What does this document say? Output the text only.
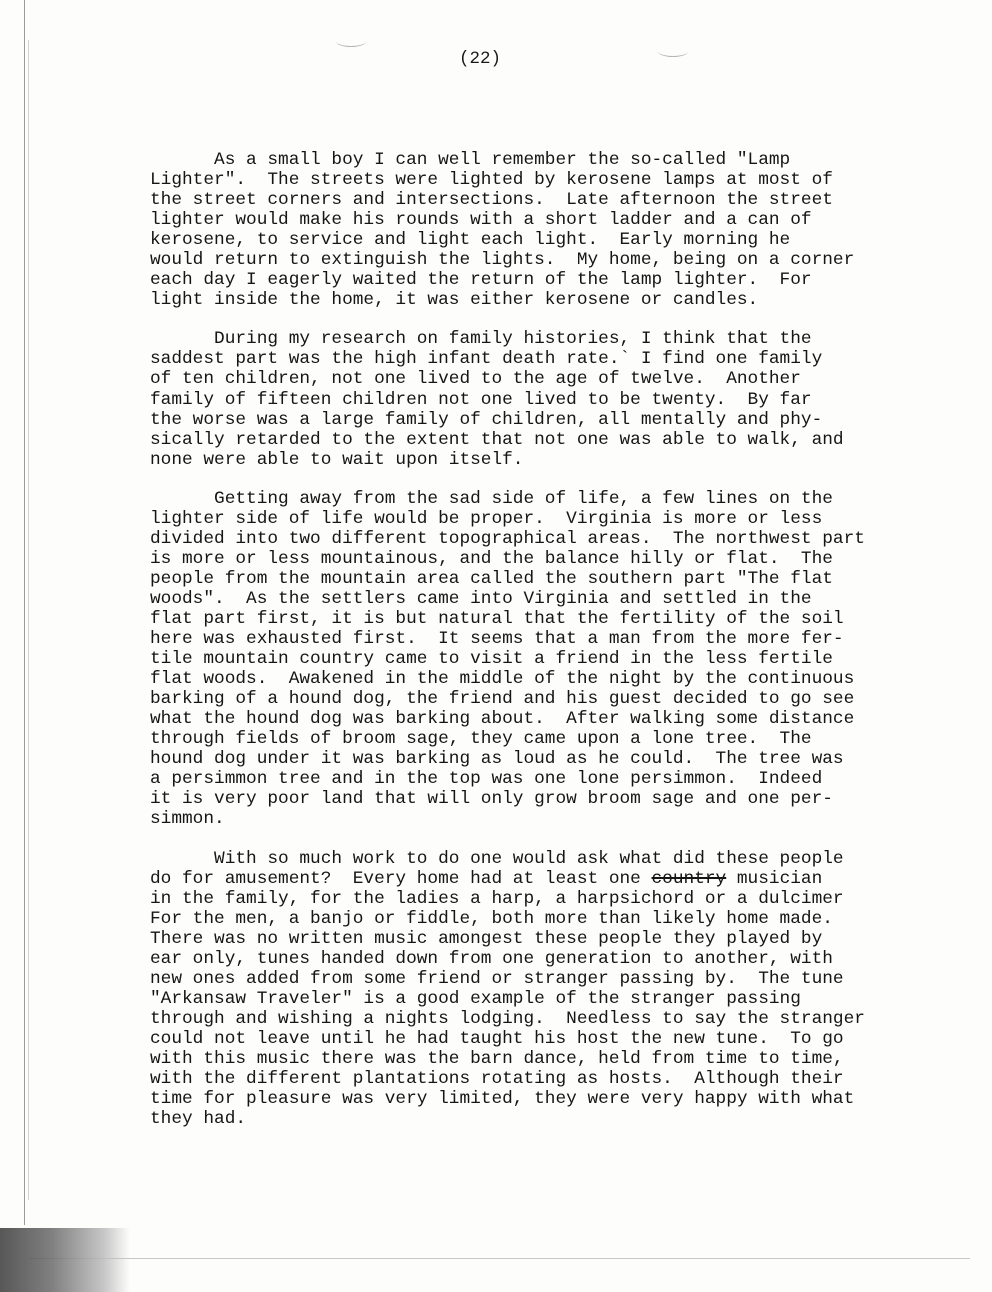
(22)
As a small boy I can well remember the so-called "Lamp
Lighter".  The streets were lighted by kerosene lamps at most of
the street corners and intersections.  Late afternoon the street
lighter would make his rounds with a short ladder and a can of
kerosene, to service and light each light.  Early morning he
would return to extinguish the lights.  My home, being on a corner
each day I eagerly waited the return of the lamp lighter.  For
light inside the home, it was either kerosene or candles.
During my research on family histories, I think that the
saddest part was the high infant death rate.` I find one family
of ten children, not one lived to the age of twelve.  Another
family of fifteen children not one lived to be twenty.  By far
the worse was a large family of children, all mentally and phy-
sically retarded to the extent that not one was able to walk, and
none were able to wait upon itself.
Getting away from the sad side of life, a few lines on the
lighter side of life would be proper.  Virginia is more or less
divided into two different topographical areas.  The northwest part
is more or less mountainous, and the balance hilly or flat.  The
people from the mountain area called the southern part "The flat
woods".  As the settlers came into Virginia and settled in the
flat part first, it is but natural that the fertility of the soil
here was exhausted first.  It seems that a man from the more fer-
tile mountain country came to visit a friend in the less fertile
flat woods.  Awakened in the middle of the night by the continuous
barking of a hound dog, the friend and his guest decided to go see
what the hound dog was barking about.  After walking some distance
through fields of broom sage, they came upon a lone tree.  The
hound dog under it was barking as loud as he could.  The tree was
a persimmon tree and in the top was one lone persimmon.  Indeed
it is very poor land that will only grow broom sage and one per-
simmon.
With so much work to do one would ask what did these people
do for amusement?  Every home had at least one country musician
in the family, for the ladies a harp, a harpsichord or a dulcimer
For the men, a banjo or fiddle, both more than likely home made.
There was no written music amongest these people they played by
ear only, tunes handed down from one generation to another, with
new ones added from some friend or stranger passing by.  The tune
"Arkansaw Traveler" is a good example of the stranger passing
through and wishing a nights lodging.  Needless to say the stranger
could not leave until he had taught his host the new tune.  To go
with this music there was the barn dance, held from time to time,
with the different plantations rotating as hosts.  Although their
time for pleasure was very limited, they were very happy with what
they had.
